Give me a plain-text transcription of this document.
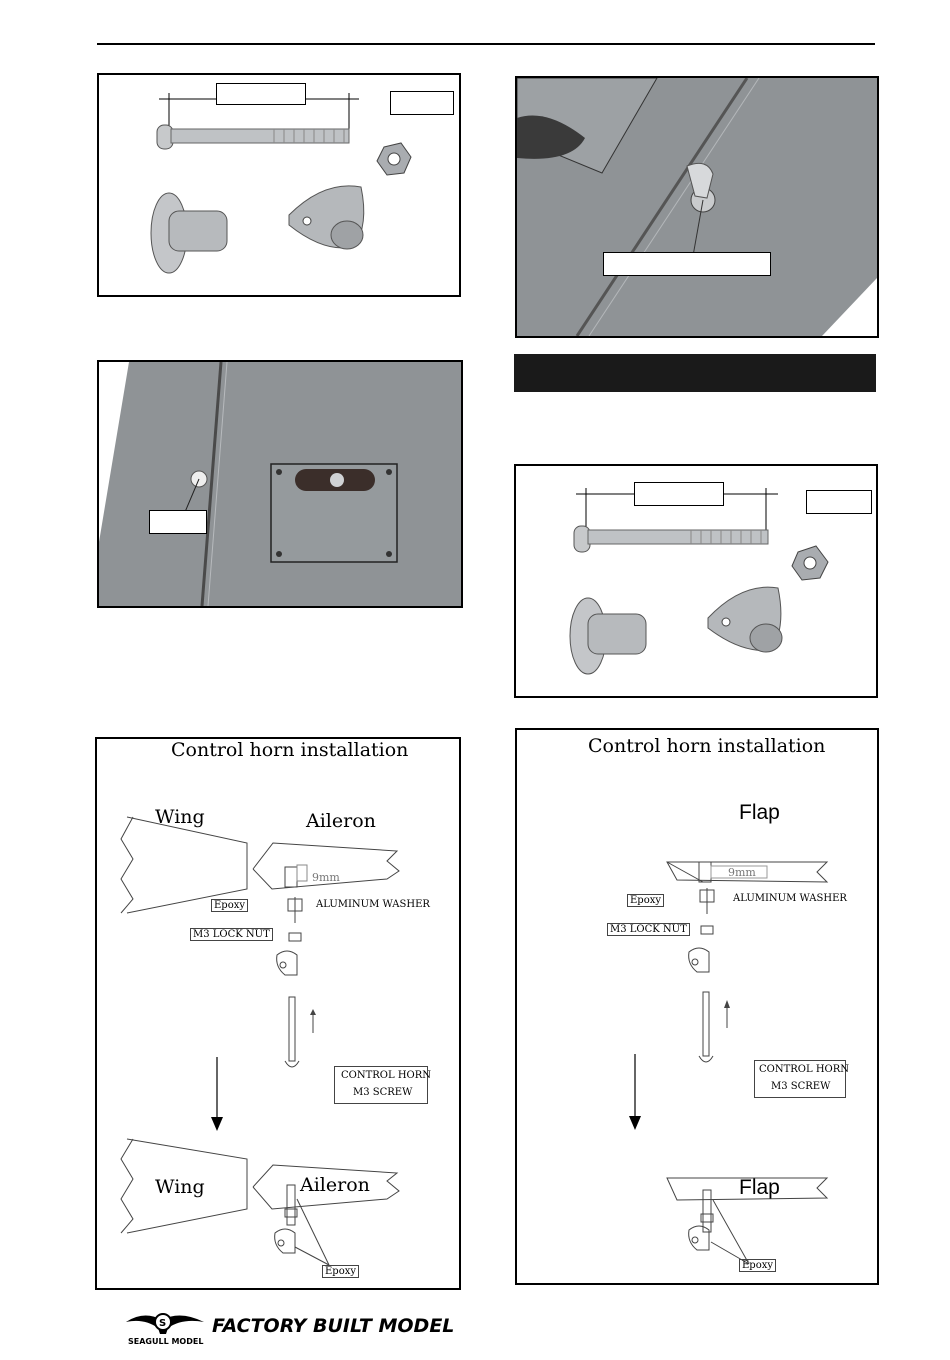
Control horn installation
Wing	Aileron
9mm
Epoxy	ALUMINUM WASHER
M3 LOCK NUT
CONTROL HORN
M3 SCREW
Wing	Aileron
Epoxy
Control horn installation
Flap
9mm
Epoxy	ALUMINUM WASHER
M3 LOCK NUT
CONTROL HORN
M3 SCREW
Flap
Epoxy
S
SEAGULL MODEL
FACTORY BUILT MODEL
